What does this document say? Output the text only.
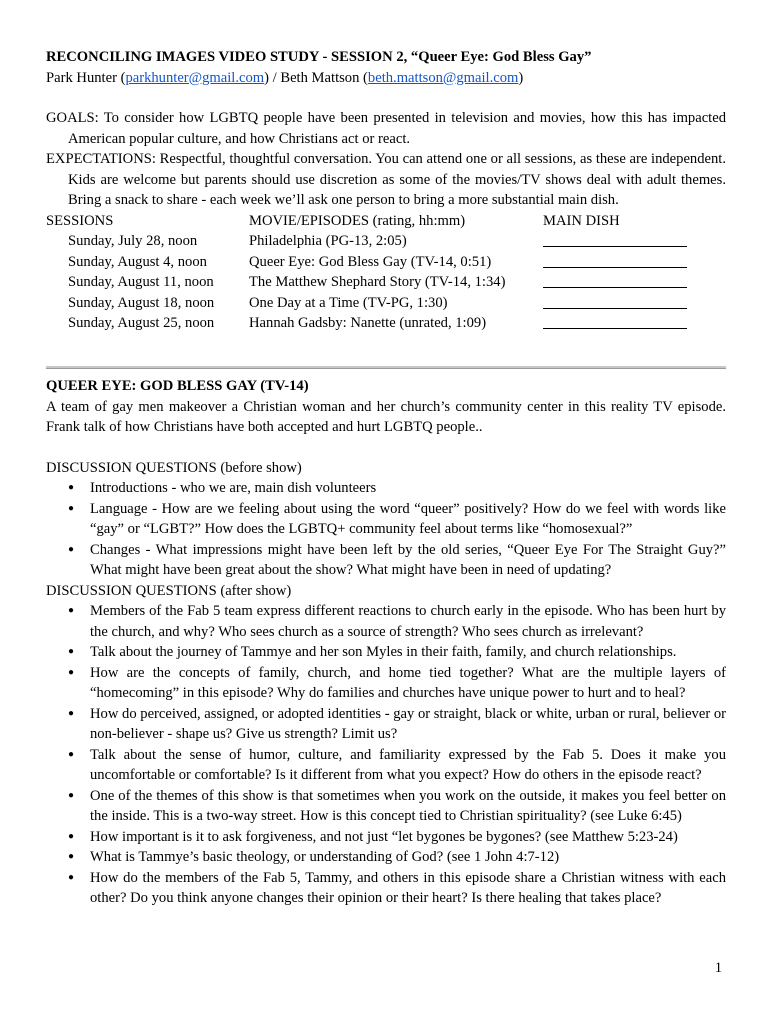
RECONCILING IMAGES VIDEO STUDY - SESSION 2, “Queer Eye: God Bless Gay”
Park Hunter (parkhunter@gmail.com) / Beth Mattson (beth.mattson@gmail.com)
GOALS: To consider how LGBTQ people have been presented in television and movies, how this has impacted American popular culture, and how Christians act or react.
EXPECTATIONS: Respectful, thoughtful conversation. You can attend one or all sessions, as these are independent. Kids are welcome but parents should use discretion as some of the movies/TV shows deal with adult themes. Bring a snack to share - each week we’ll ask one person to bring a more substantial main dish.
SESSIONS	MOVIE/EPISODES (rating, hh:mm)	MAIN DISH
Sunday, July 28, noon	Philadelphia (PG-13, 2:05)
Sunday, August 4, noon	Queer Eye: God Bless Gay (TV-14, 0:51)
Sunday, August 11, noon The Matthew Shephard Story (TV-14, 1:34)
Sunday, August 18, noon One Day at a Time (TV-PG, 1:30)
Sunday, August 25, noon Hannah Gadsby: Nanette (unrated, 1:09)
QUEER EYE: GOD BLESS GAY (TV-14)
A team of gay men makeover a Christian woman and her church’s community center in this reality TV episode. Frank talk of how Christians have both accepted and hurt LGBTQ people..
DISCUSSION QUESTIONS (before show)
● Introductions - who we are, main dish volunteers
● Language - How are we feeling about using the word “queer” positively? How do we feel with words like “gay” or “LGBT?” How does the LGBTQ+ community feel about terms like “homosexual?”
● Changes - What impressions might have been left by the old series, “Queer Eye For The Straight Guy?” What might have been great about the show? What might have been in need of updating?
DISCUSSION QUESTIONS (after show)
● Members of the Fab 5 team express different reactions to church early in the episode. Who has been hurt by the church, and why? Who sees church as a source of strength? Who sees church as irrelevant?
● Talk about the journey of Tammye and her son Myles in their faith, family, and church relationships.
● How are the concepts of family, church, and home tied together? What are the multiple layers of “homecoming” in this episode? Why do families and churches have unique power to hurt and to heal?
● How do perceived, assigned, or adopted identities - gay or straight, black or white, urban or rural, believer or non-believer - shape us? Give us strength? Limit us?
● Talk about the sense of humor, culture, and familiarity expressed by the Fab 5. Does it make you uncomfortable or comfortable? Is it different from what you expect? How do others in the episode react?
● One of the themes of this show is that sometimes when you work on the outside, it makes you feel better on the inside. This is a two-way street. How is this concept tied to Christian spirituality? (see Luke 6:45)
● How important is it to ask forgiveness, and not just “let bygones be bygones? (see Matthew 5:23-24)
● What is Tammye’s basic theology, or understanding of God? (see 1 John 4:7-12)
● How do the members of the Fab 5, Tammy, and others in this episode share a Christian witness with each other? Do you think anyone changes their opinion or their heart? Is there healing that takes place?
1
